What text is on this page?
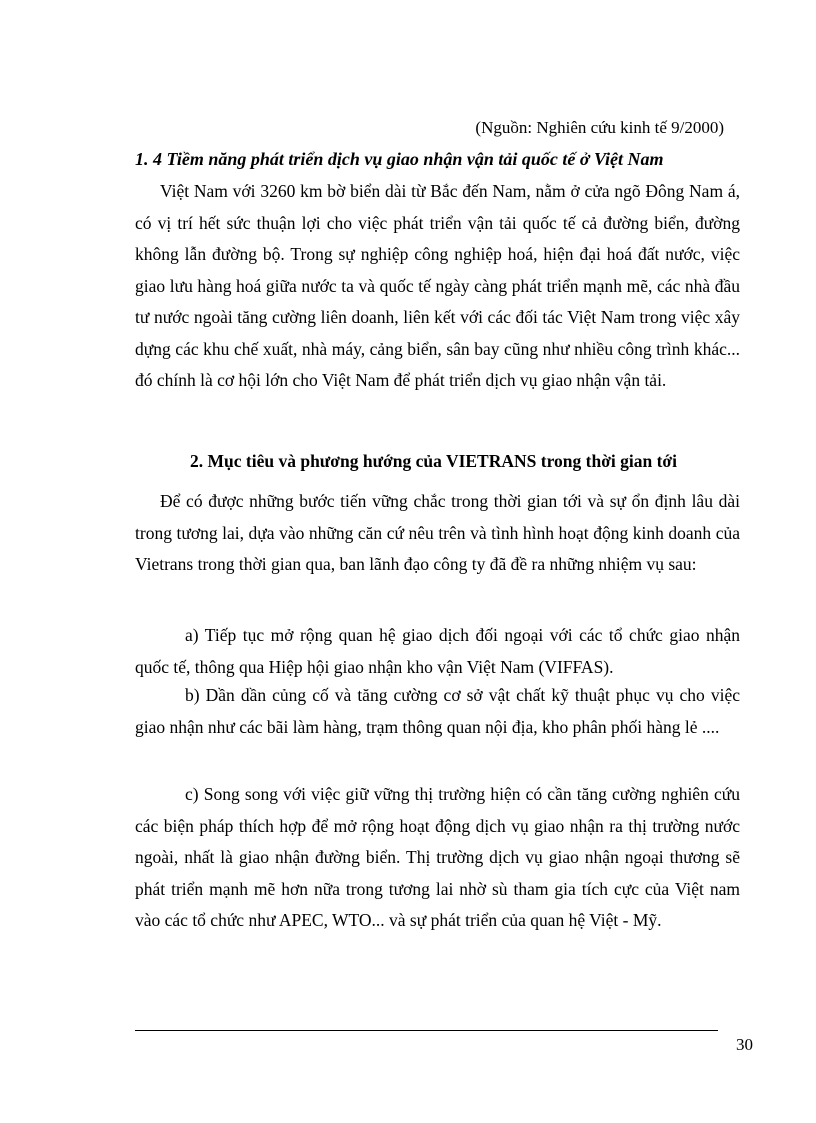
(Nguồn: Nghiên cứu kinh tế 9/2000)
1. 4 Tiềm năng phát triển dịch vụ giao nhận vận tải quốc tế ở Việt Nam

Việt Nam với 3260 km bờ biển dài từ Bắc đến Nam, nằm ở cửa ngõ Đông Nam á, có vị trí hết sức thuận lợi cho việc phát triển vận tải quốc tế cả đường biển, đường không lẫn đường bộ. Trong sự nghiệp công nghiệp hoá, hiện đại hoá đất nước, việc giao lưu hàng hoá giữa nước ta và quốc tế ngày càng phát triển mạnh mẽ, các nhà đầu tư nước ngoài tăng cường liên doanh, liên kết với các đối tác Việt Nam trong việc xây dựng các khu chế xuất, nhà máy, cảng biển, sân bay cũng như nhiều công trình khác... đó chính là cơ hội lớn cho Việt Nam để phát triển dịch vụ giao nhận vận tải.

2. Mục tiêu và phương hướng của VIETRANS trong thời gian tới

Để có được những bước tiến vững chắc trong thời gian tới và sự ổn định lâu dài trong tương lai, dựa vào những căn cứ nêu trên và tình hình hoạt động kinh doanh của Vietrans trong thời gian qua, ban lãnh đạo công ty đã đề ra những nhiệm vụ sau:

a) Tiếp tục mở rộng quan hệ giao dịch đối ngoại với các tổ chức giao nhận quốc tế, thông qua Hiệp hội giao nhận kho vận Việt Nam (VIFFAS).

b) Dần dần củng cố và tăng cường cơ sở vật chất kỹ thuật phục vụ cho việc giao nhận như các bãi làm hàng, trạm thông quan nội địa, kho phân phối hàng lẻ ....

c) Song song với việc giữ vững thị trường hiện có cần tăng cường nghiên cứu các biện pháp thích hợp để mở rộng hoạt động dịch vụ giao nhận ra thị trường nước ngoài, nhất là giao nhận đường biển. Thị trường dịch vụ giao nhận ngoại thương sẽ phát triển mạnh mẽ hơn nữa trong tương lai nhờ sù tham gia tích cực của Việt nam vào các tổ chức như APEC, WTO... và sự phát triển của quan hệ Việt - Mỹ.

30
